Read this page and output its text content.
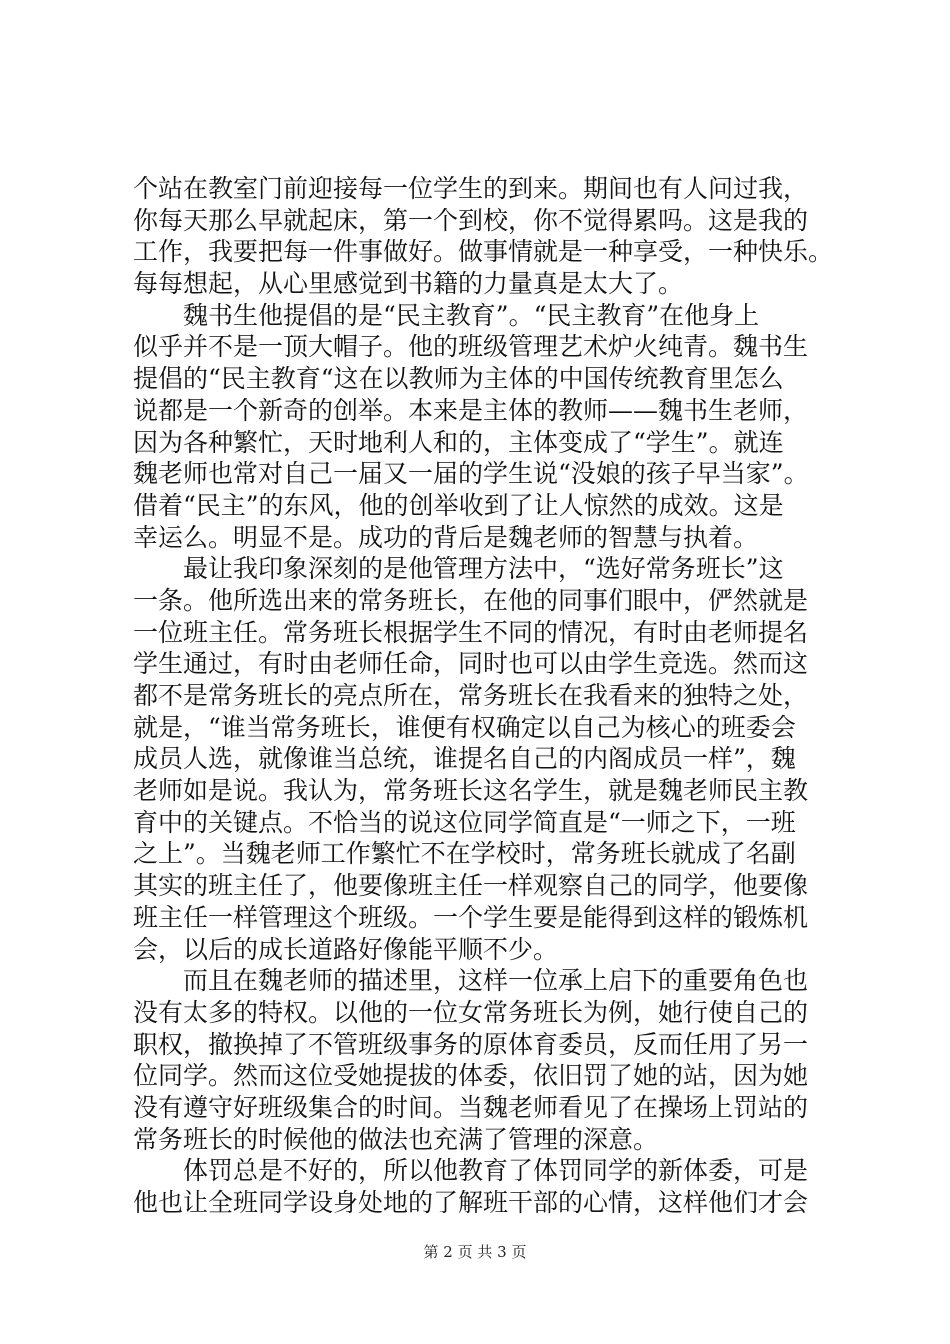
个站在教室门前迎接每一位学生的到来。期间也有人问过我，
你每天那么早就起床，第一个到校，你不觉得累吗。这是我的
工作，我要把每一件事做好。做事情就是一种享受，一种快乐。
每每想起，从心里感觉到书籍的力量真是太大了。
　　魏书生他提倡的是“民主教育”。“民主教育”在他身上
似乎并不是一顶大帽子。他的班级管理艺术炉火纯青。魏书生
提倡的“民主教育“这在以教师为主体的中国传统教育里怎么
说都是一个新奇的创举。本来是主体的教师——魏书生老师，
因为各种繁忙，天时地利人和的，主体变成了“学生”。就连
魏老师也常对自己一届又一届的学生说“没娘的孩子早当家”。
借着“民主”的东风，他的创举收到了让人惊然的成效。这是
幸运么。明显不是。成功的背后是魏老师的智慧与执着。
　　最让我印象深刻的是他管理方法中，“选好常务班长”这
一条。他所选出来的常务班长，在他的同事们眼中，俨然就是
一位班主任。常务班长根据学生不同的情况，有时由老师提名
学生通过，有时由老师任命，同时也可以由学生竞选。然而这
都不是常务班长的亮点所在，常务班长在我看来的独特之处，
就是，“谁当常务班长，谁便有权确定以自己为核心的班委会
成员人选，就像谁当总统，谁提名自己的内阁成员一样”，魏
老师如是说。我认为，常务班长这名学生，就是魏老师民主教
育中的关键点。不恰当的说这位同学简直是“一师之下，一班
之上”。当魏老师工作繁忙不在学校时，常务班长就成了名副
其实的班主任了，他要像班主任一样观察自己的同学，他要像
班主任一样管理这个班级。一个学生要是能得到这样的锻炼机
会，以后的成长道路好像能平顺不少。
　　而且在魏老师的描述里，这样一位承上启下的重要角色也
没有太多的特权。以他的一位女常务班长为例，她行使自己的
职权，撤换掉了不管班级事务的原体育委员，反而任用了另一
位同学。然而这位受她提拔的体委，依旧罚了她的站，因为她
没有遵守好班级集合的时间。当魏老师看见了在操场上罚站的
常务班长的时候他的做法也充满了管理的深意。
　　体罚总是不好的，所以他教育了体罚同学的新体委，可是
他也让全班同学设身处地的了解班干部的心情，这样他们才会
第 2 页 共 3 页
